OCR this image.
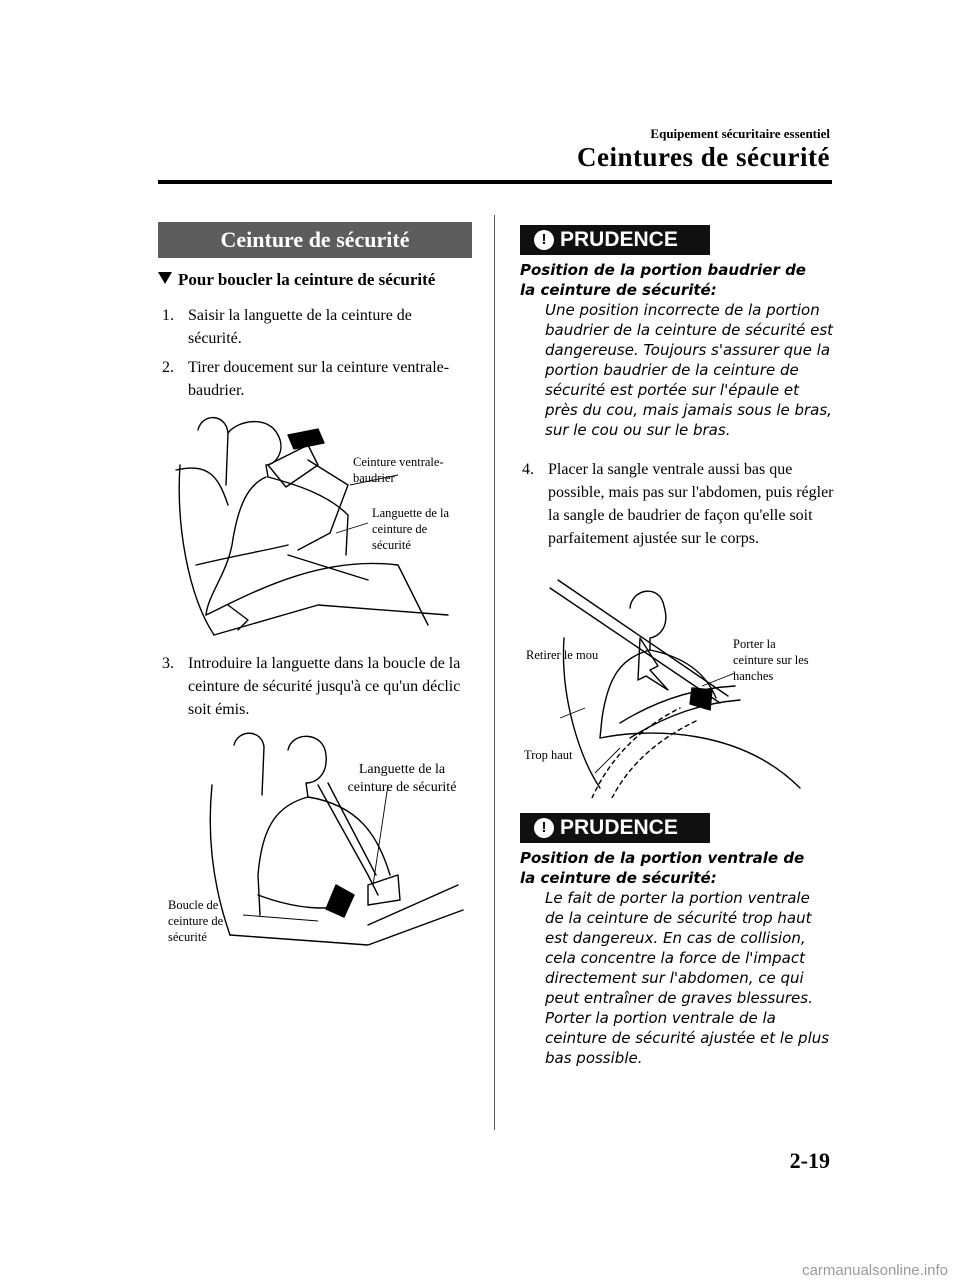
Equipement sécuritaire essentiel
Ceintures de sécurité
Ceinture de sécurité
Pour boucler la ceinture de sécurité
1. Saisir la languette de la ceinture de sécurité.
2. Tirer doucement sur la ceinture ventrale-baudrier.
Ceinture ventrale-baudrier
Languette de la ceinture de sécurité
3. Introduire la languette dans la boucle de la ceinture de sécurité jusqu'à ce qu'un déclic soit émis.
Languette de la ceinture de sécurité
Boucle de ceinture de sécurité
! PRUDENCE
Position de la portion baudrier de la ceinture de sécurité:
Une position incorrecte de la portion baudrier de la ceinture de sécurité est dangereuse. Toujours s'assurer que la portion baudrier de la ceinture de sécurité est portée sur l'épaule et près du cou, mais jamais sous le bras, sur le cou ou sur le bras.
4. Placer la sangle ventrale aussi bas que possible, mais pas sur l'abdomen, puis régler la sangle de baudrier de façon qu'elle soit parfaitement ajustée sur le corps.
Retirer le mou
Porter la ceinture sur les hanches
Trop haut
! PRUDENCE
Position de la portion ventrale de la ceinture de sécurité:
Le fait de porter la portion ventrale de la ceinture de sécurité trop haut est dangereux. En cas de collision, cela concentre la force de l'impact directement sur l'abdomen, ce qui peut entraîner de graves blessures. Porter la portion ventrale de la ceinture de sécurité ajustée et le plus bas possible.
2-19
carmanualsonline.info
